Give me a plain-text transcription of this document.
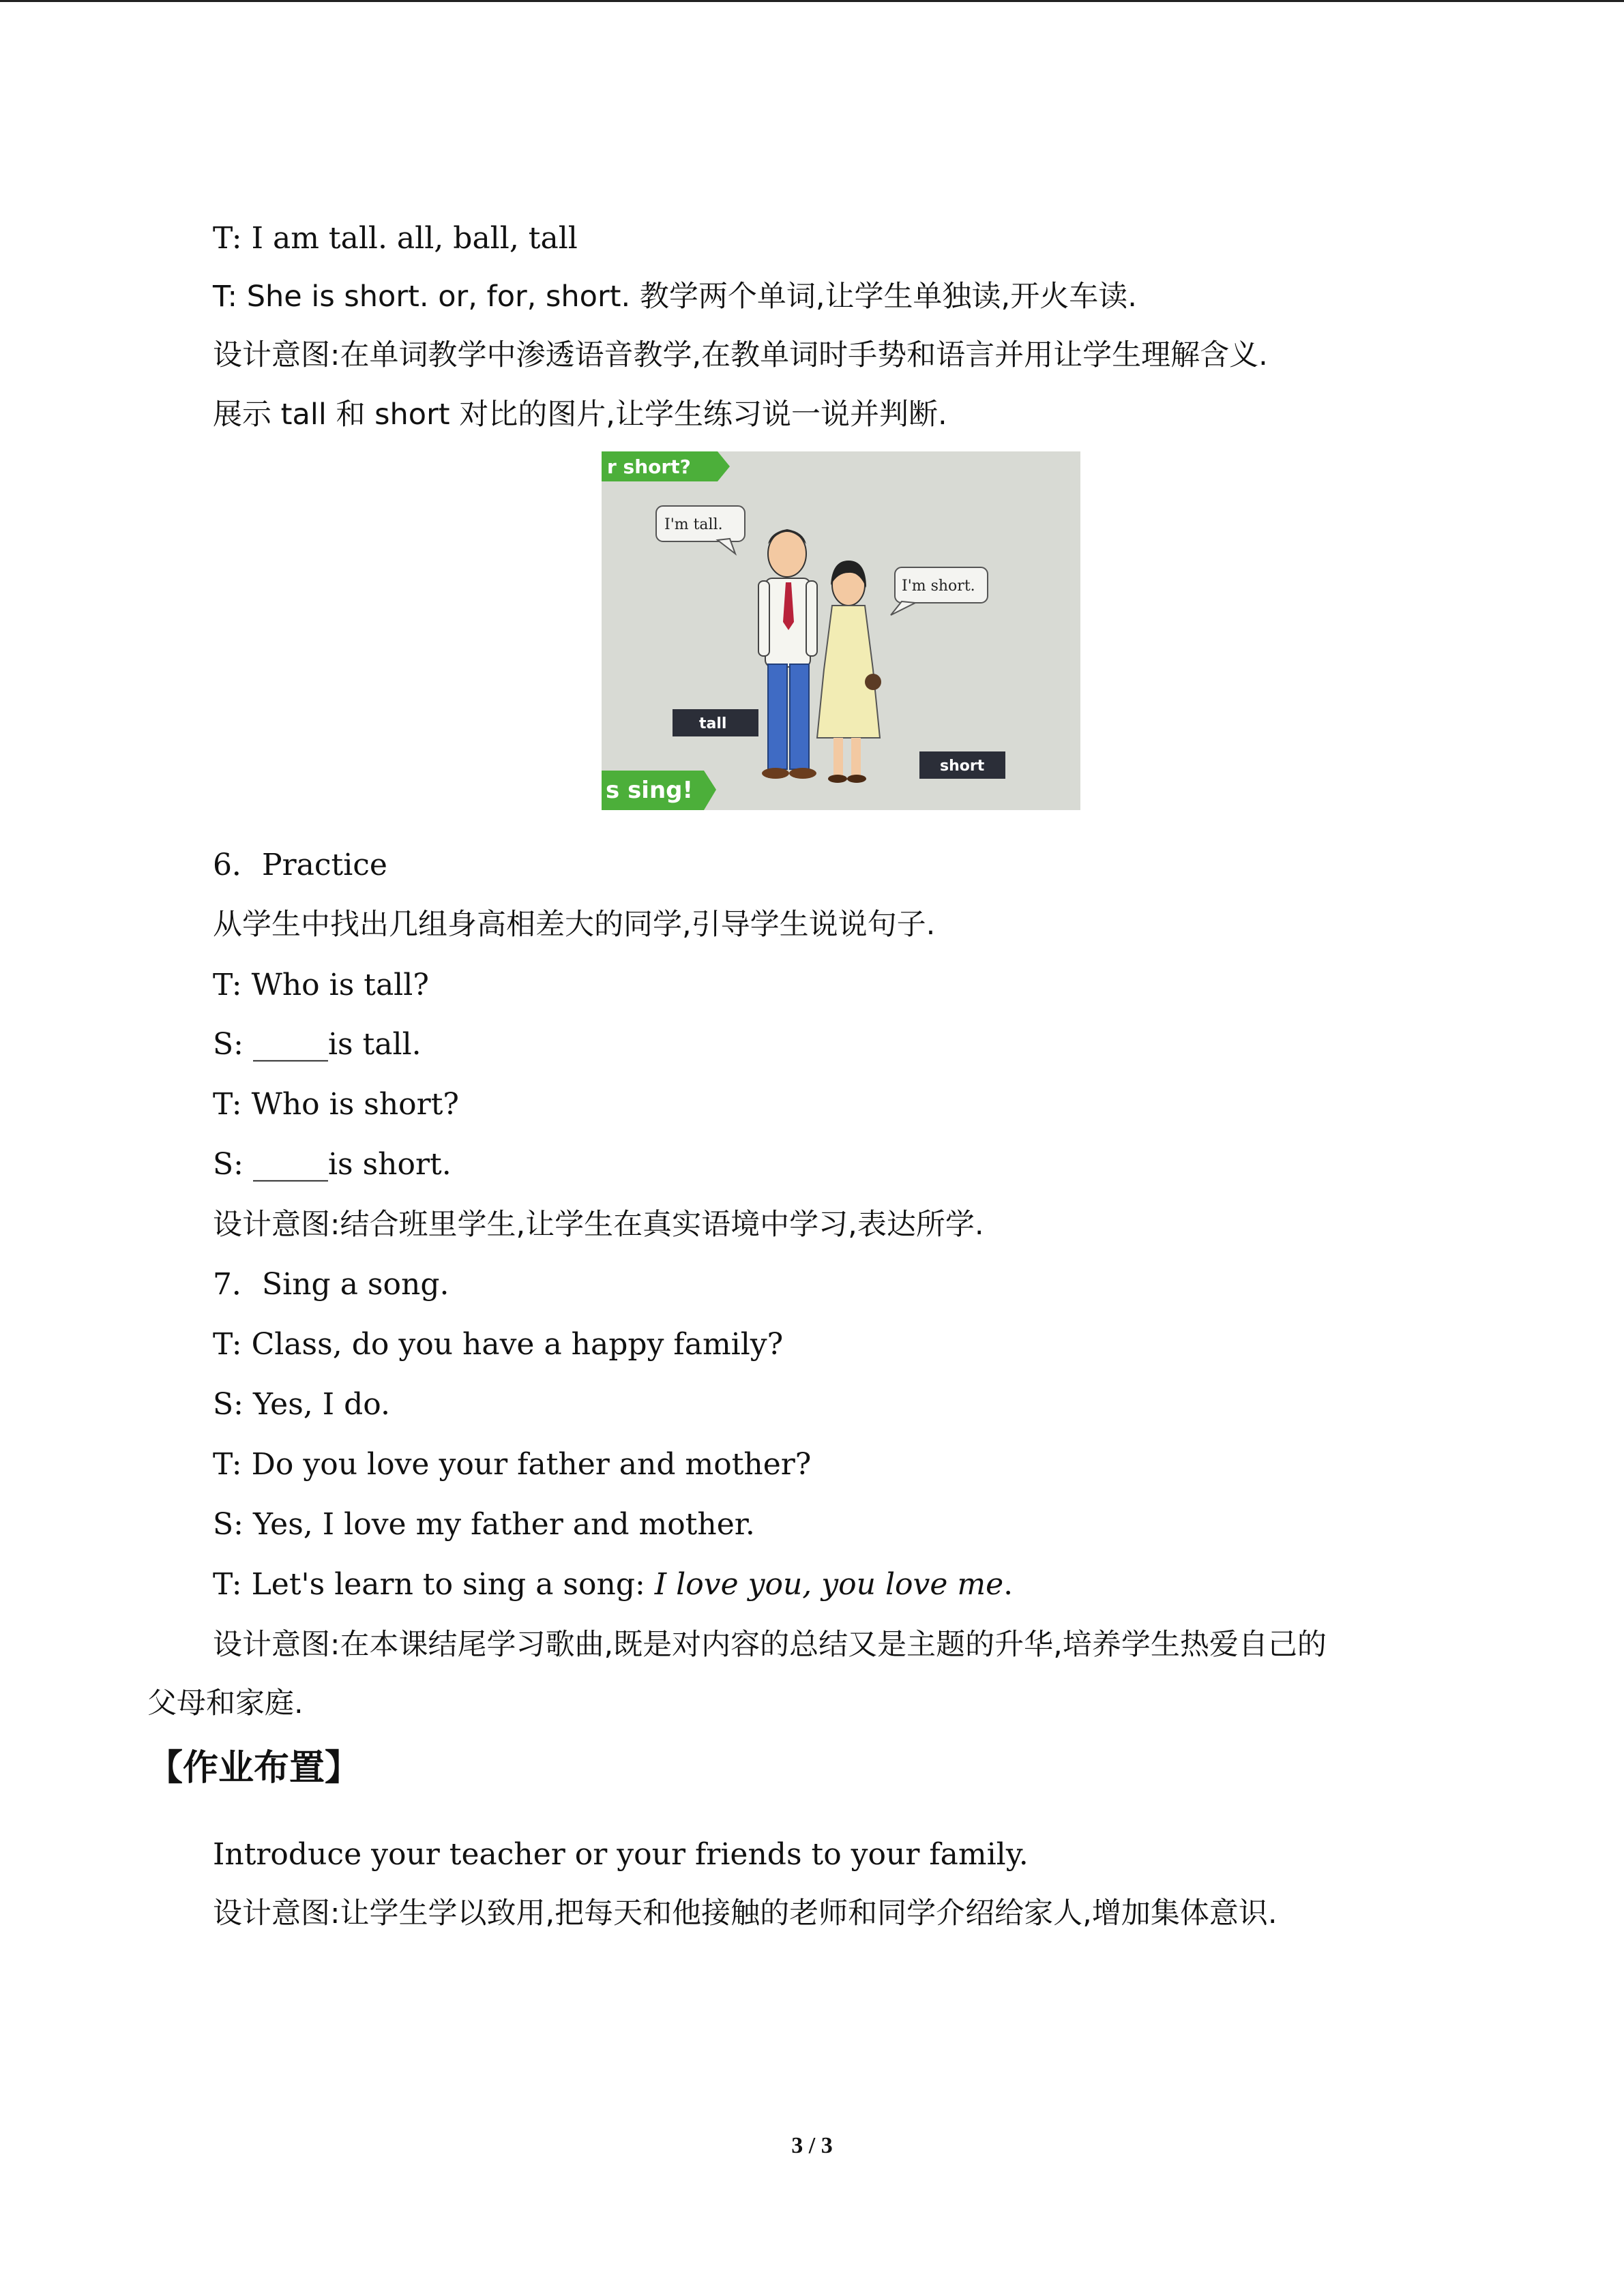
T: I am tall. all, ball, tall
T: She is short. or, for, short. 教学两个单词,让学生单独读,开火车读.
设计意图:在单词教学中渗透语音教学,在教单词时手势和语言并用让学生理解含义.
展示 tall 和 short 对比的图片,让学生练习说一说并判断.
r short?
I'm tall.
I'm short.
tall
short
s sing!
6．Practice
从学生中找出几组身高相差大的同学,引导学生说说句子.
T: Who is tall?
S: _____is tall.
T: Who is short?
S: _____is short.
设计意图:结合班里学生,让学生在真实语境中学习,表达所学.
7．Sing a song.
T: Class, do you have a happy family?
S: Yes, I do.
T: Do you love your father and mother?
S: Yes, I love my father and mother.
T: Let's learn to sing a song: I love you, you love me.
设计意图:在本课结尾学习歌曲,既是对内容的总结又是主题的升华,培养学生热爱自己的
父母和家庭.
【作业布置】
Introduce your teacher or your friends to your family.
设计意图:让学生学以致用,把每天和他接触的老师和同学介绍给家人,增加集体意识.
3 / 3
